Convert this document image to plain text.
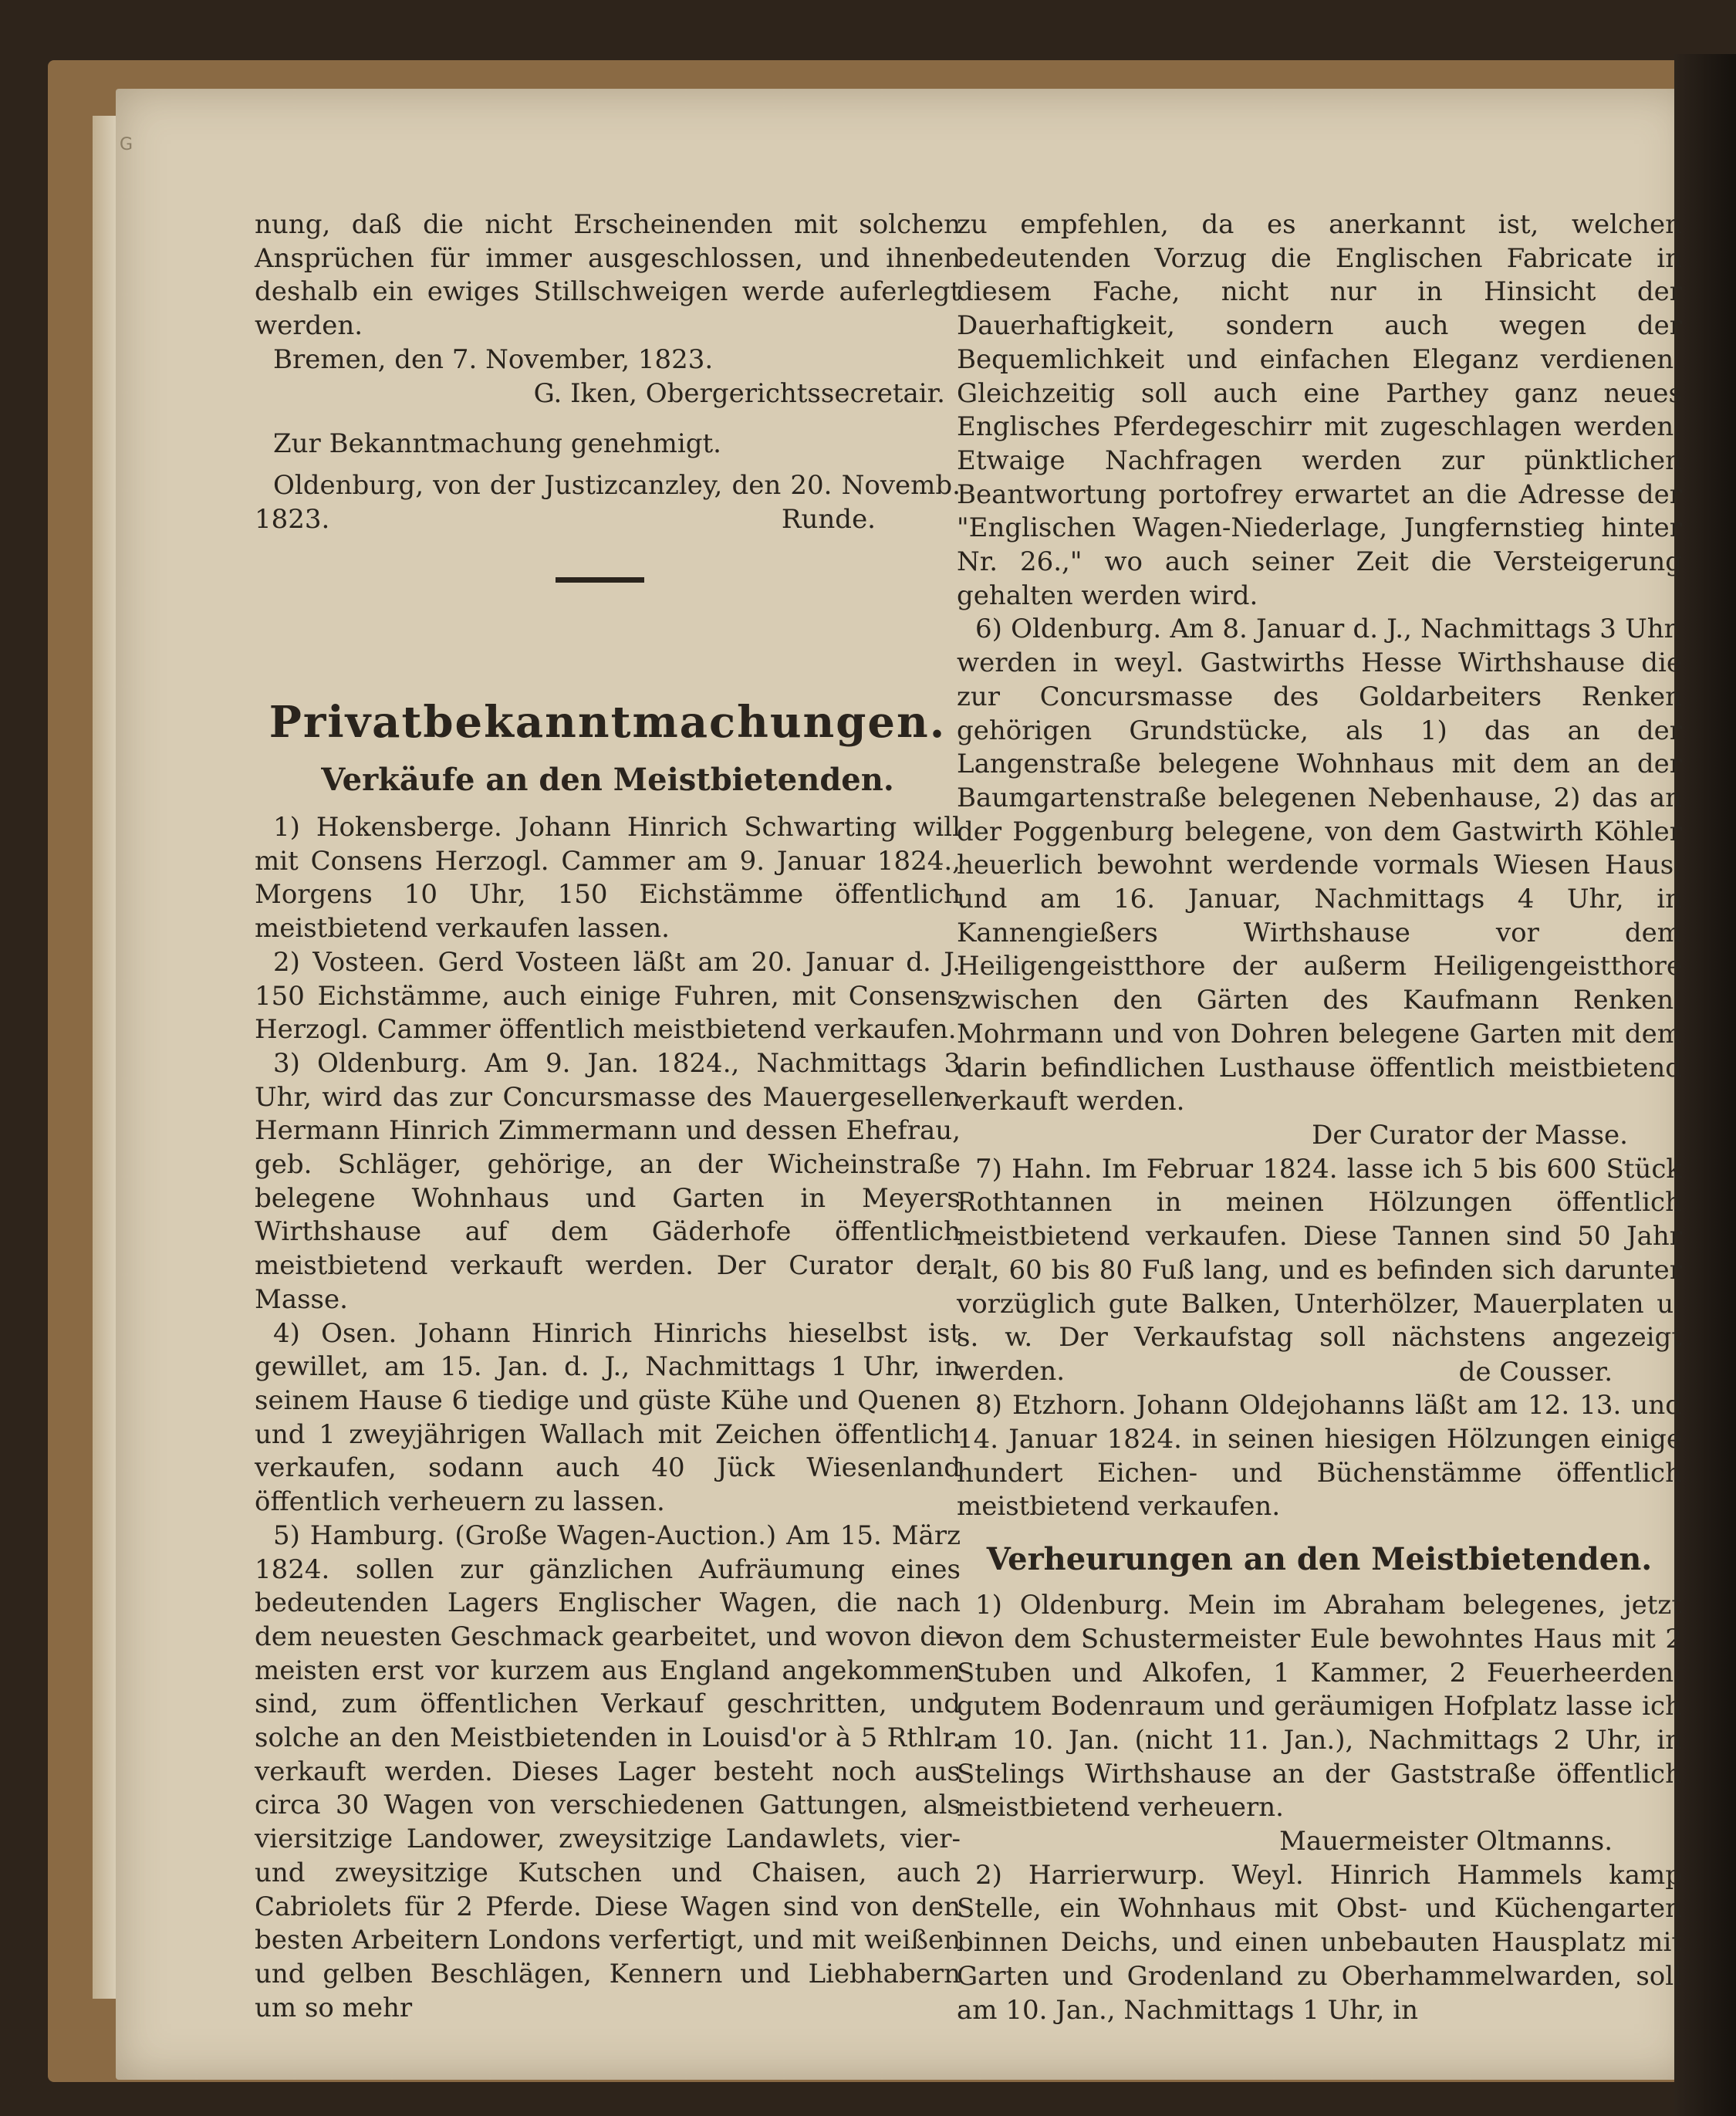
G

nung, daß die nicht Erscheinenden mit solchen Ansprüchen für immer ausgeschlossen, und ihnen deshalb ein ewiges Stillschweigen werde auferlegt werden.

Bremen, den 7. November, 1823.

G. Iken, Obergerichtssecretair.

Zur Bekanntmachung genehmigt.

Oldenburg, von der Justizcanzley, den 20. Novemb. 1823.	Runde.

Privatbekanntmachungen.

Verkäufe an den Meistbietenden.

1) Hokensberge. Johann Hinrich Schwarting will mit Consens Herzogl. Cammer am 9. Januar 1824., Morgens 10 Uhr, 150 Eichstämme öffentlich meistbietend verkaufen lassen.

2) Vosteen. Gerd Vosteen läßt am 20. Januar d. J. 150 Eichstämme, auch einige Fuhren, mit Consens Herzogl. Cammer öffentlich meistbietend verkaufen.

3) Oldenburg. Am 9. Jan. 1824., Nachmittags 3 Uhr, wird das zur Concursmasse des Mauergesellen Hermann Hinrich Zimmermann und dessen Ehefrau, geb. Schläger, gehörige, an der Wicheinstraße belegene Wohnhaus und Garten in Meyers Wirthshause auf dem Gäderhofe öffentlich meistbietend verkauft werden. Der Curator der Masse.

4) Osen. Johann Hinrich Hinrichs hieselbst ist gewillet, am 15. Jan. d. J., Nachmittags 1 Uhr, in seinem Hause 6 tiedige und güste Kühe und Quenen und 1 zweyjährigen Wallach mit Zeichen öffentlich verkaufen, sodann auch 40 Jück Wiesenland öffentlich verheuern zu lassen.

5) Hamburg. (Große Wagen-Auction.) Am 15. März 1824. sollen zur gänzlichen Aufräumung eines bedeutenden Lagers Englischer Wagen, die nach dem neuesten Geschmack gearbeitet, und wovon die meisten erst vor kurzem aus England angekommen sind, zum öffentlichen Verkauf geschritten, und solche an den Meistbietenden in Louisd'or à 5 Rthlr. verkauft werden. Dieses Lager besteht noch aus circa 30 Wagen von verschiedenen Gattungen, als viersitzige Landower, zweysitzige Landawlets, vier- und zweysitzige Kutschen und Chaisen, auch Cabriolets für 2 Pferde. Diese Wagen sind von den besten Arbeitern Londons verfertigt, und mit weißen und gelben Beschlägen, Kennern und Liebhabern um so mehr

zu empfehlen, da es anerkannt ist, welchen bedeutenden Vorzug die Englischen Fabricate in diesem Fache, nicht nur in Hinsicht der Dauerhaftigkeit, sondern auch wegen der Bequemlichkeit und einfachen Eleganz verdienen. Gleichzeitig soll auch eine Parthey ganz neues Englisches Pferdegeschirr mit zugeschlagen werden. Etwaige Nachfragen werden zur pünktlichen Beantwortung portofrey erwartet an die Adresse der "Englischen Wagen-Niederlage, Jungfernstieg hinter Nr. 26.," wo auch seiner Zeit die Versteigerung gehalten werden wird.

6) Oldenburg. Am 8. Januar d. J., Nachmittags 3 Uhr, werden in weyl. Gastwirths Hesse Wirthshause die zur Concursmasse des Goldarbeiters Renken gehörigen Grundstücke, als 1) das an der Langenstraße belegene Wohnhaus mit dem an der Baumgartenstraße belegenen Nebenhause, 2) das an der Poggenburg belegene, von dem Gastwirth Köhler heuerlich bewohnt werdende vormals Wiesen Haus, und am 16. Januar, Nachmittags 4 Uhr, in Kannengießers Wirthshause vor dem Heiligengeistthore der außerm Heiligengeistthore zwischen den Gärten des Kaufmann Renken, Mohrmann und von Dohren belegene Garten mit dem darin befindlichen Lusthause öffentlich meistbietend verkauft werden.

Der Curator der Masse.

7) Hahn. Im Februar 1824. lasse ich 5 bis 600 Stück Rothtannen in meinen Hölzungen öffentlich meistbietend verkaufen. Diese Tannen sind 50 Jahr alt, 60 bis 80 Fuß lang, und es befinden sich darunter vorzüglich gute Balken, Unterhölzer, Mauerplaten u. s. w. Der Verkaufstag soll nächstens angezeigt werden.	de Cousser.

8) Etzhorn. Johann Oldejohanns läßt am 12. 13. und 14. Januar 1824. in seinen hiesigen Hölzungen einige hundert Eichen- und Büchenstämme öffentlich meistbietend verkaufen.

Verheurungen an den Meistbietenden.

1) Oldenburg. Mein im Abraham belegenes, jetzt von dem Schustermeister Eule bewohntes Haus mit 2 Stuben und Alkofen, 1 Kammer, 2 Feuerheerden, gutem Bodenraum und geräumigen Hofplatz lasse ich am 10. Jan. (nicht 11. Jan.), Nachmittags 2 Uhr, in Stelings Wirthshause an der Gaststraße öffentlich meistbietend verheuern.

Mauermeister Oltmanns.

2) Harrierwurp. Weyl. Hinrich Hammels kamp Stelle, ein Wohnhaus mit Obst- und Küchengarten binnen Deichs, und einen unbebauten Hausplatz mit Garten und Grodenland zu Oberhammelwarden, soll am 10. Jan., Nachmittags 1 Uhr, in
